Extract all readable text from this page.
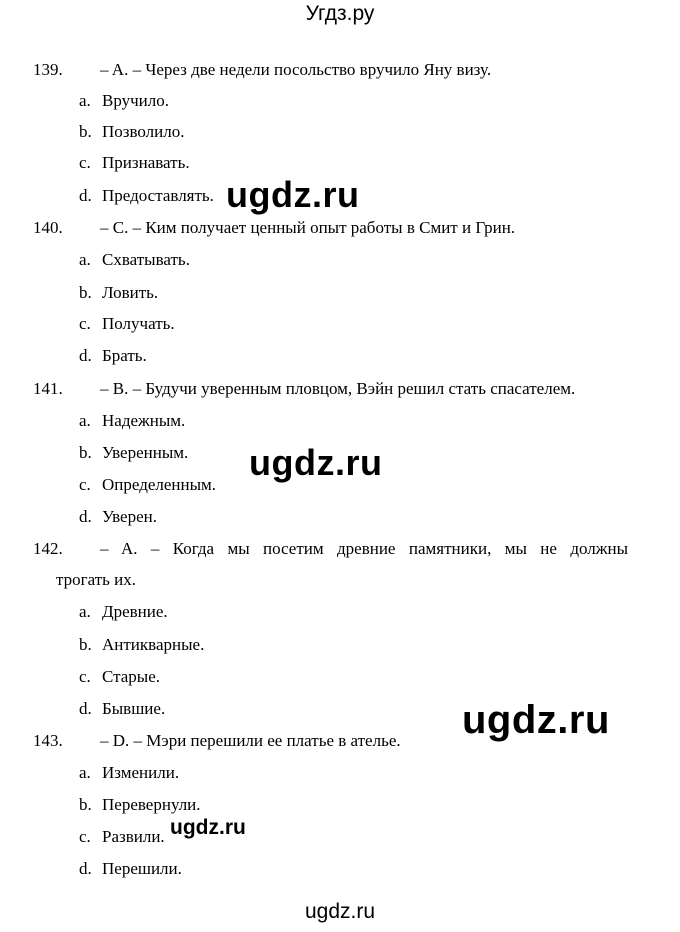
Угдз.ру
139. – A. – Через две недели посольство вручило Яну визу.
a. Вручило.
b. Позволило.
c. Признавать.
d. Предоставлять.
140. – C. – Ким получает ценный опыт работы в Смит и Грин.
a. Схватывать.
b. Ловить.
c. Получать.
d. Брать.
141. – B. – Будучи уверенным пловцом, Вэйн решил стать спасателем.
a. Надежным.
b. Уверенным.
c. Определенным.
d. Уверен.
142. – A. – Когда мы посетим древние памятники, мы не должны
трогать их.
a. Древние.
b. Антикварные.
c. Старые.
d. Бывшие.
143. – D. – Мэри перешили ее платье в ателье.
a. Изменили.
b. Перевернули.
c. Развили.
d. Перешили.
ugdz.ru
ugdz.ru
ugdz.ru
ugdz.ru
ugdz.ru
